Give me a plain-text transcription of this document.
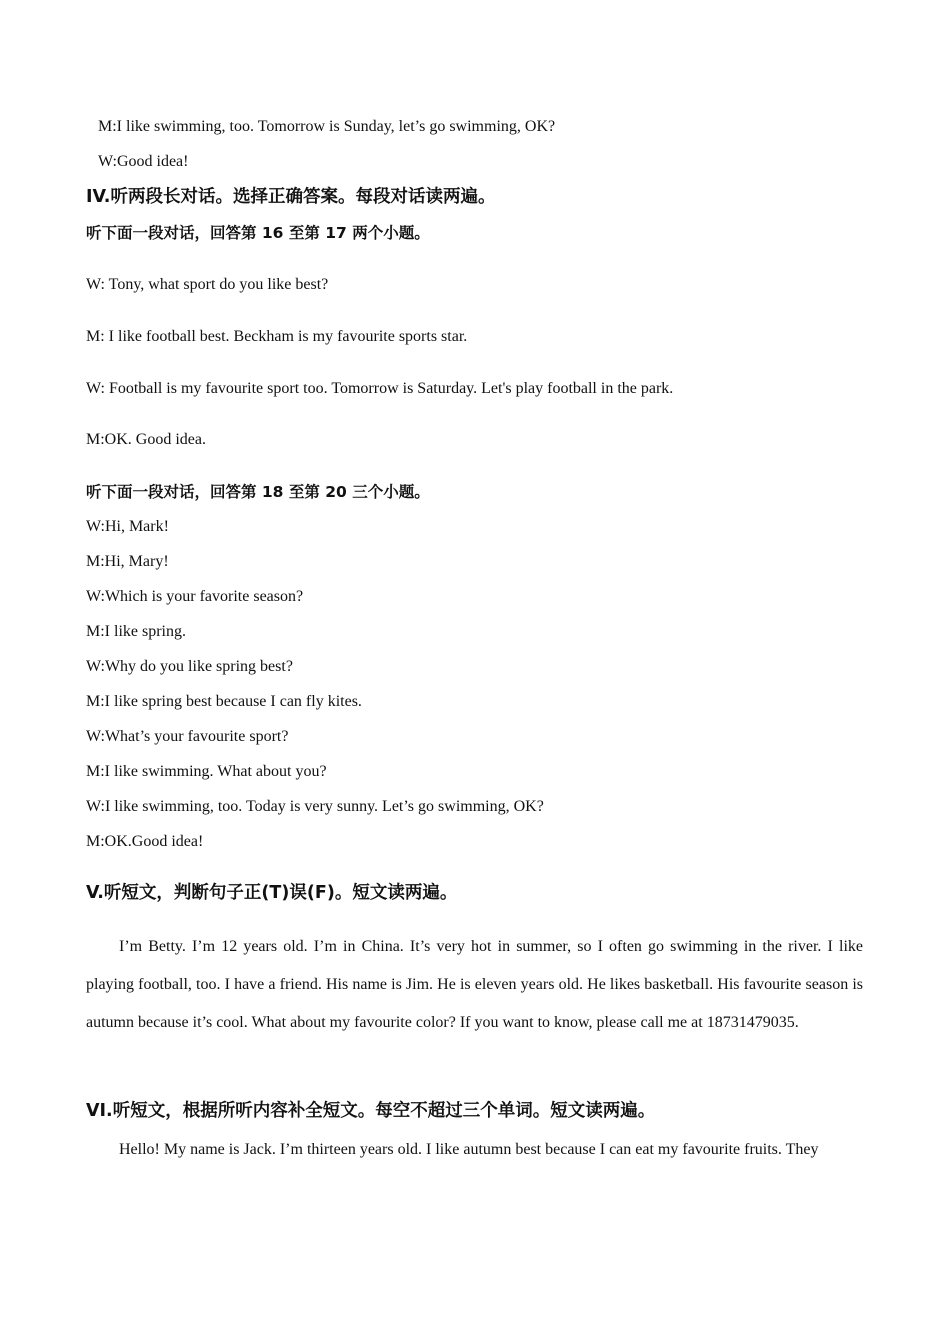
M:I like swimming, too. Tomorrow is Sunday, let’s go swimming, OK?
W:Good idea!
IV.听两段长对话。选择正确答案。每段对话读两遍。
听下面一段对话，回答第 16 至第 17 两个小题。
W: Tony, what sport do you like best?
M: I like football best. Beckham is my favourite sports star.
W: Football is my favourite sport too. Tomorrow is Saturday. Let's play football in the park.
M:OK. Good idea.
听下面一段对话，回答第 18 至第 20 三个小题。
W:Hi, Mark!
M:Hi, Mary!
W:Which is your favorite season?
M:I like spring.
W:Why do you like spring best?
M:I like spring best because I can fly kites.
W:What’s your favourite sport?
M:I like swimming. What about you?
W:I like swimming, too. Today is very sunny. Let’s go swimming, OK?
M:OK.Good idea!
V.听短文，判断句子正(T)误(F)。短文读两遍。
I’m Betty. I’m 12 years old. I’m in China. It’s very hot in summer, so I often go swimming in the river. I like playing football, too. I have a friend. His name is Jim. He is eleven years old. He likes basketball. His favourite season is autumn because it’s cool. What about my favourite color? If you want to know, please call me at 18731479035.
VI.听短文，根据所听内容补全短文。每空不超过三个单词。短文读两遍。
Hello! My name is Jack. I’m thirteen years old. I like autumn best because I can eat my favourite fruits. They
